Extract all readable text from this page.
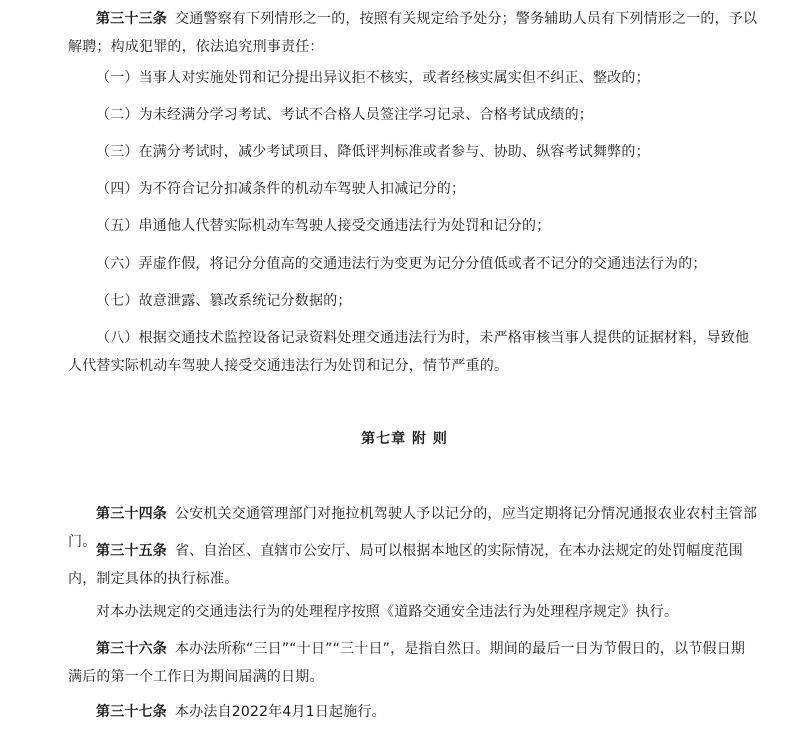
第三十三条 交通警察有下列情形之一的，按照有关规定给予处分；警务辅助人员有下列情形之一的，予以解聘；构成犯罪的，依法追究刑事责任：

（一）当事人对实施处罚和记分提出异议拒不核实，或者经核实属实但不纠正、整改的；

（二）为未经满分学习考试、考试不合格人员签注学习记录、合格考试成绩的；

（三）在满分考试时，减少考试项目、降低评判标准或者参与、协助、纵容考试舞弊的；

（四）为不符合记分扣减条件的机动车驾驶人扣减记分的；

（五）串通他人代替实际机动车驾驶人接受交通违法行为处罚和记分的；

（六）弄虚作假，将记分分值高的交通违法行为变更为记分分值低或者不记分的交通违法行为的；

（七）故意泄露、篡改系统记分数据的；

（八）根据交通技术监控设备记录资料处理交通违法行为时，未严格审核当事人提供的证据材料，导致他人代替实际机动车驾驶人接受交通违法行为处罚和记分，情节严重的。

第七章 附 则

第三十四条 公安机关交通管理部门对拖拉机驾驶人予以记分的，应当定期将记分情况通报农业农村主管部门。

第三十五条 省、自治区、直辖市公安厅、局可以根据本地区的实际情况，在本办法规定的处罚幅度范围内，制定具体的执行标准。

对本办法规定的交通违法行为的处理程序按照《道路交通安全违法行为处理程序规定》执行。

第三十六条 本办法所称“三日”“十日”“三十日”，是指自然日。期间的最后一日为节假日的，以节假日期满后的第一个工作日为期间届满的日期。

第三十七条 本办法自2022年4月1日起施行。
